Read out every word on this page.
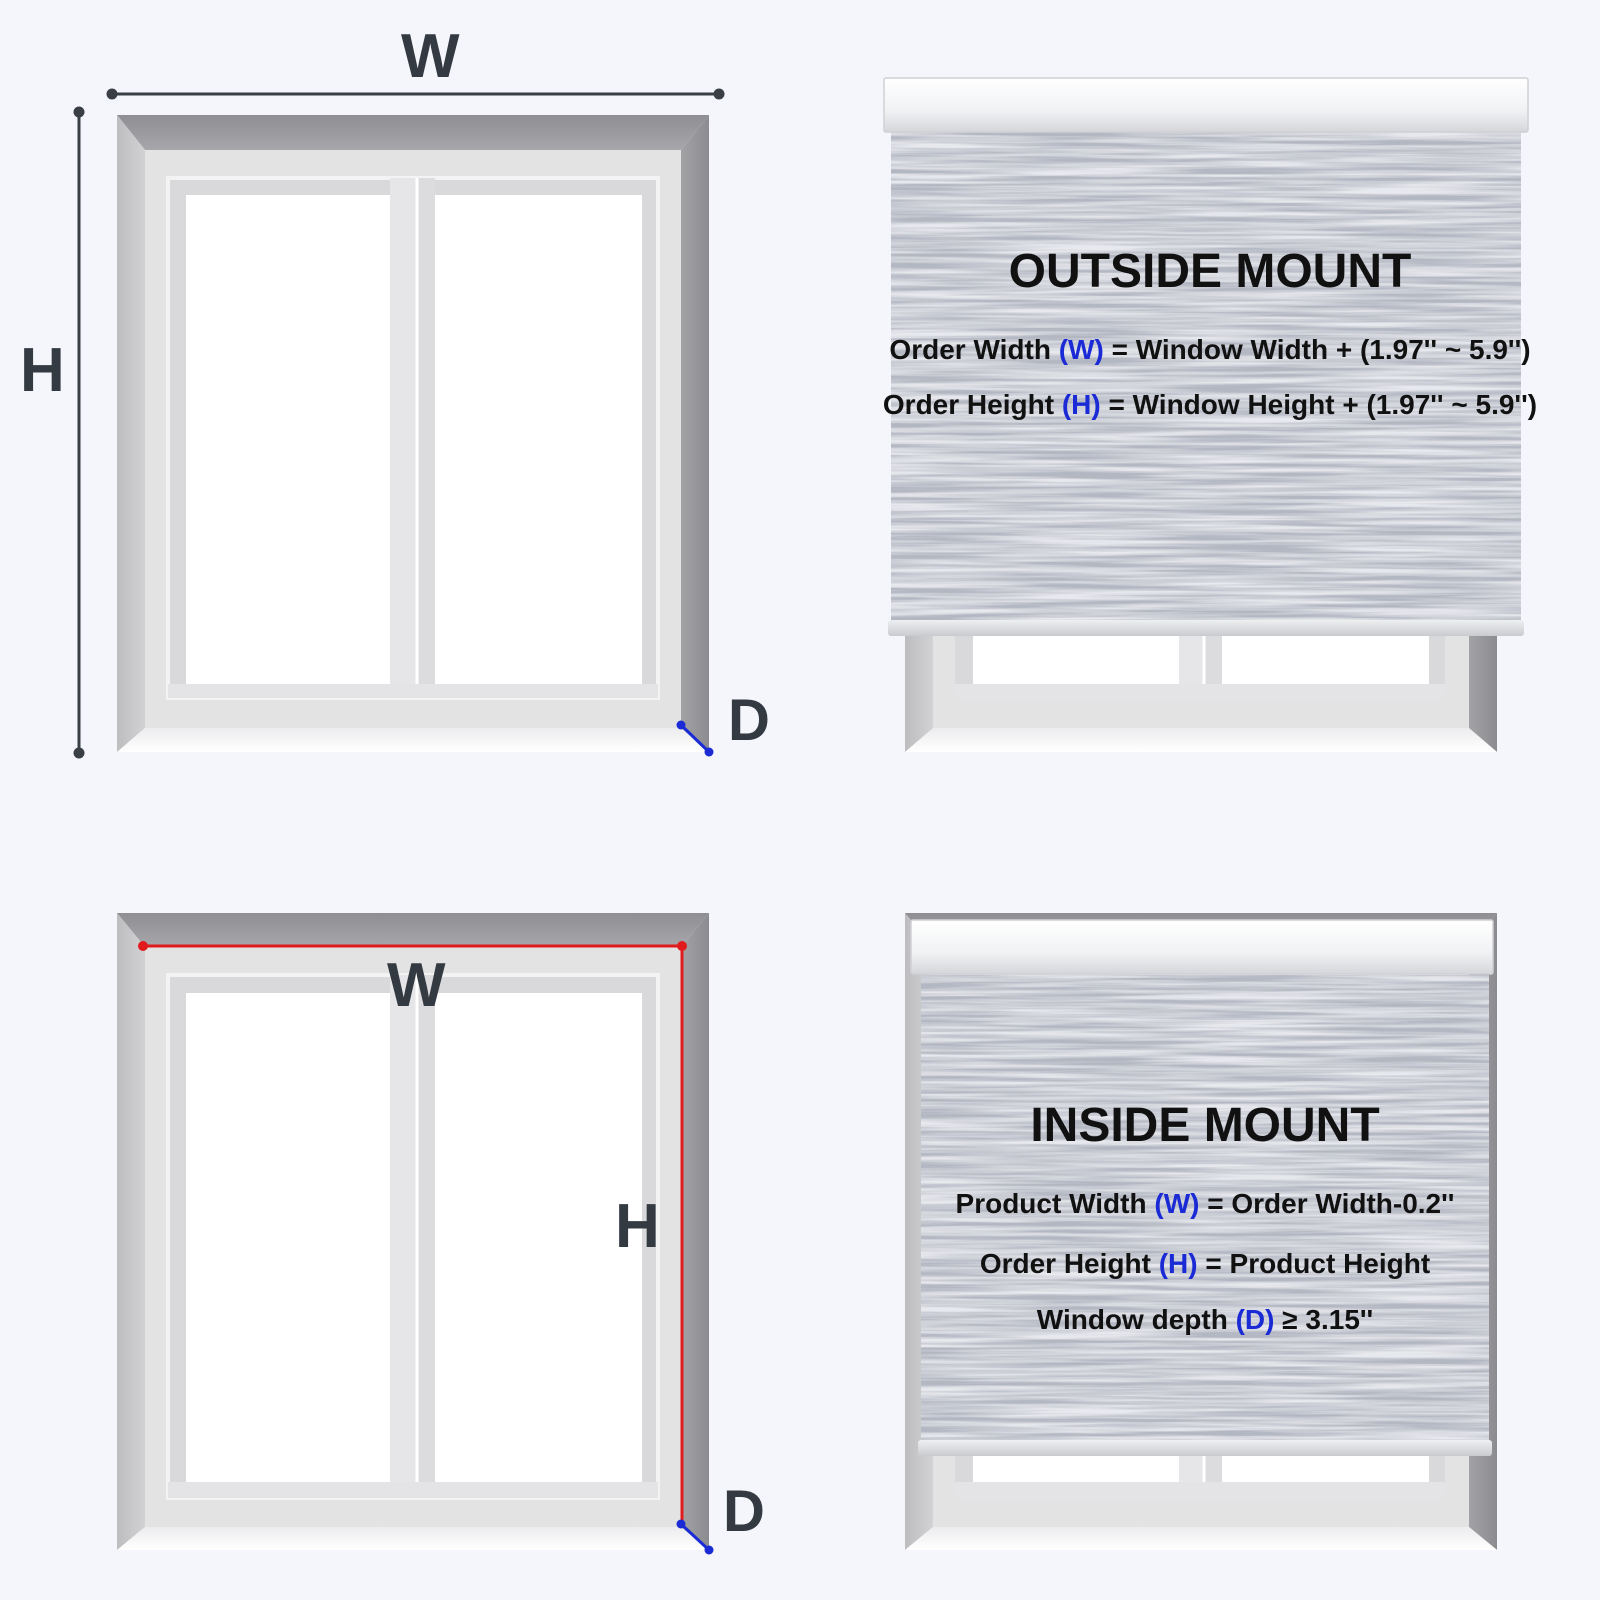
W
H
D
W
H
D
OUTSIDE MOUNT
Order Width (W) = Window Width + (1.97'' ~ 5.9'')
Order Height (H) = Window Height + (1.97'' ~ 5.9'')
INSIDE MOUNT
Product Width (W) = Order Width-0.2''
Order Height (H) = Product Height
Window depth (D) ≥ 3.15''
